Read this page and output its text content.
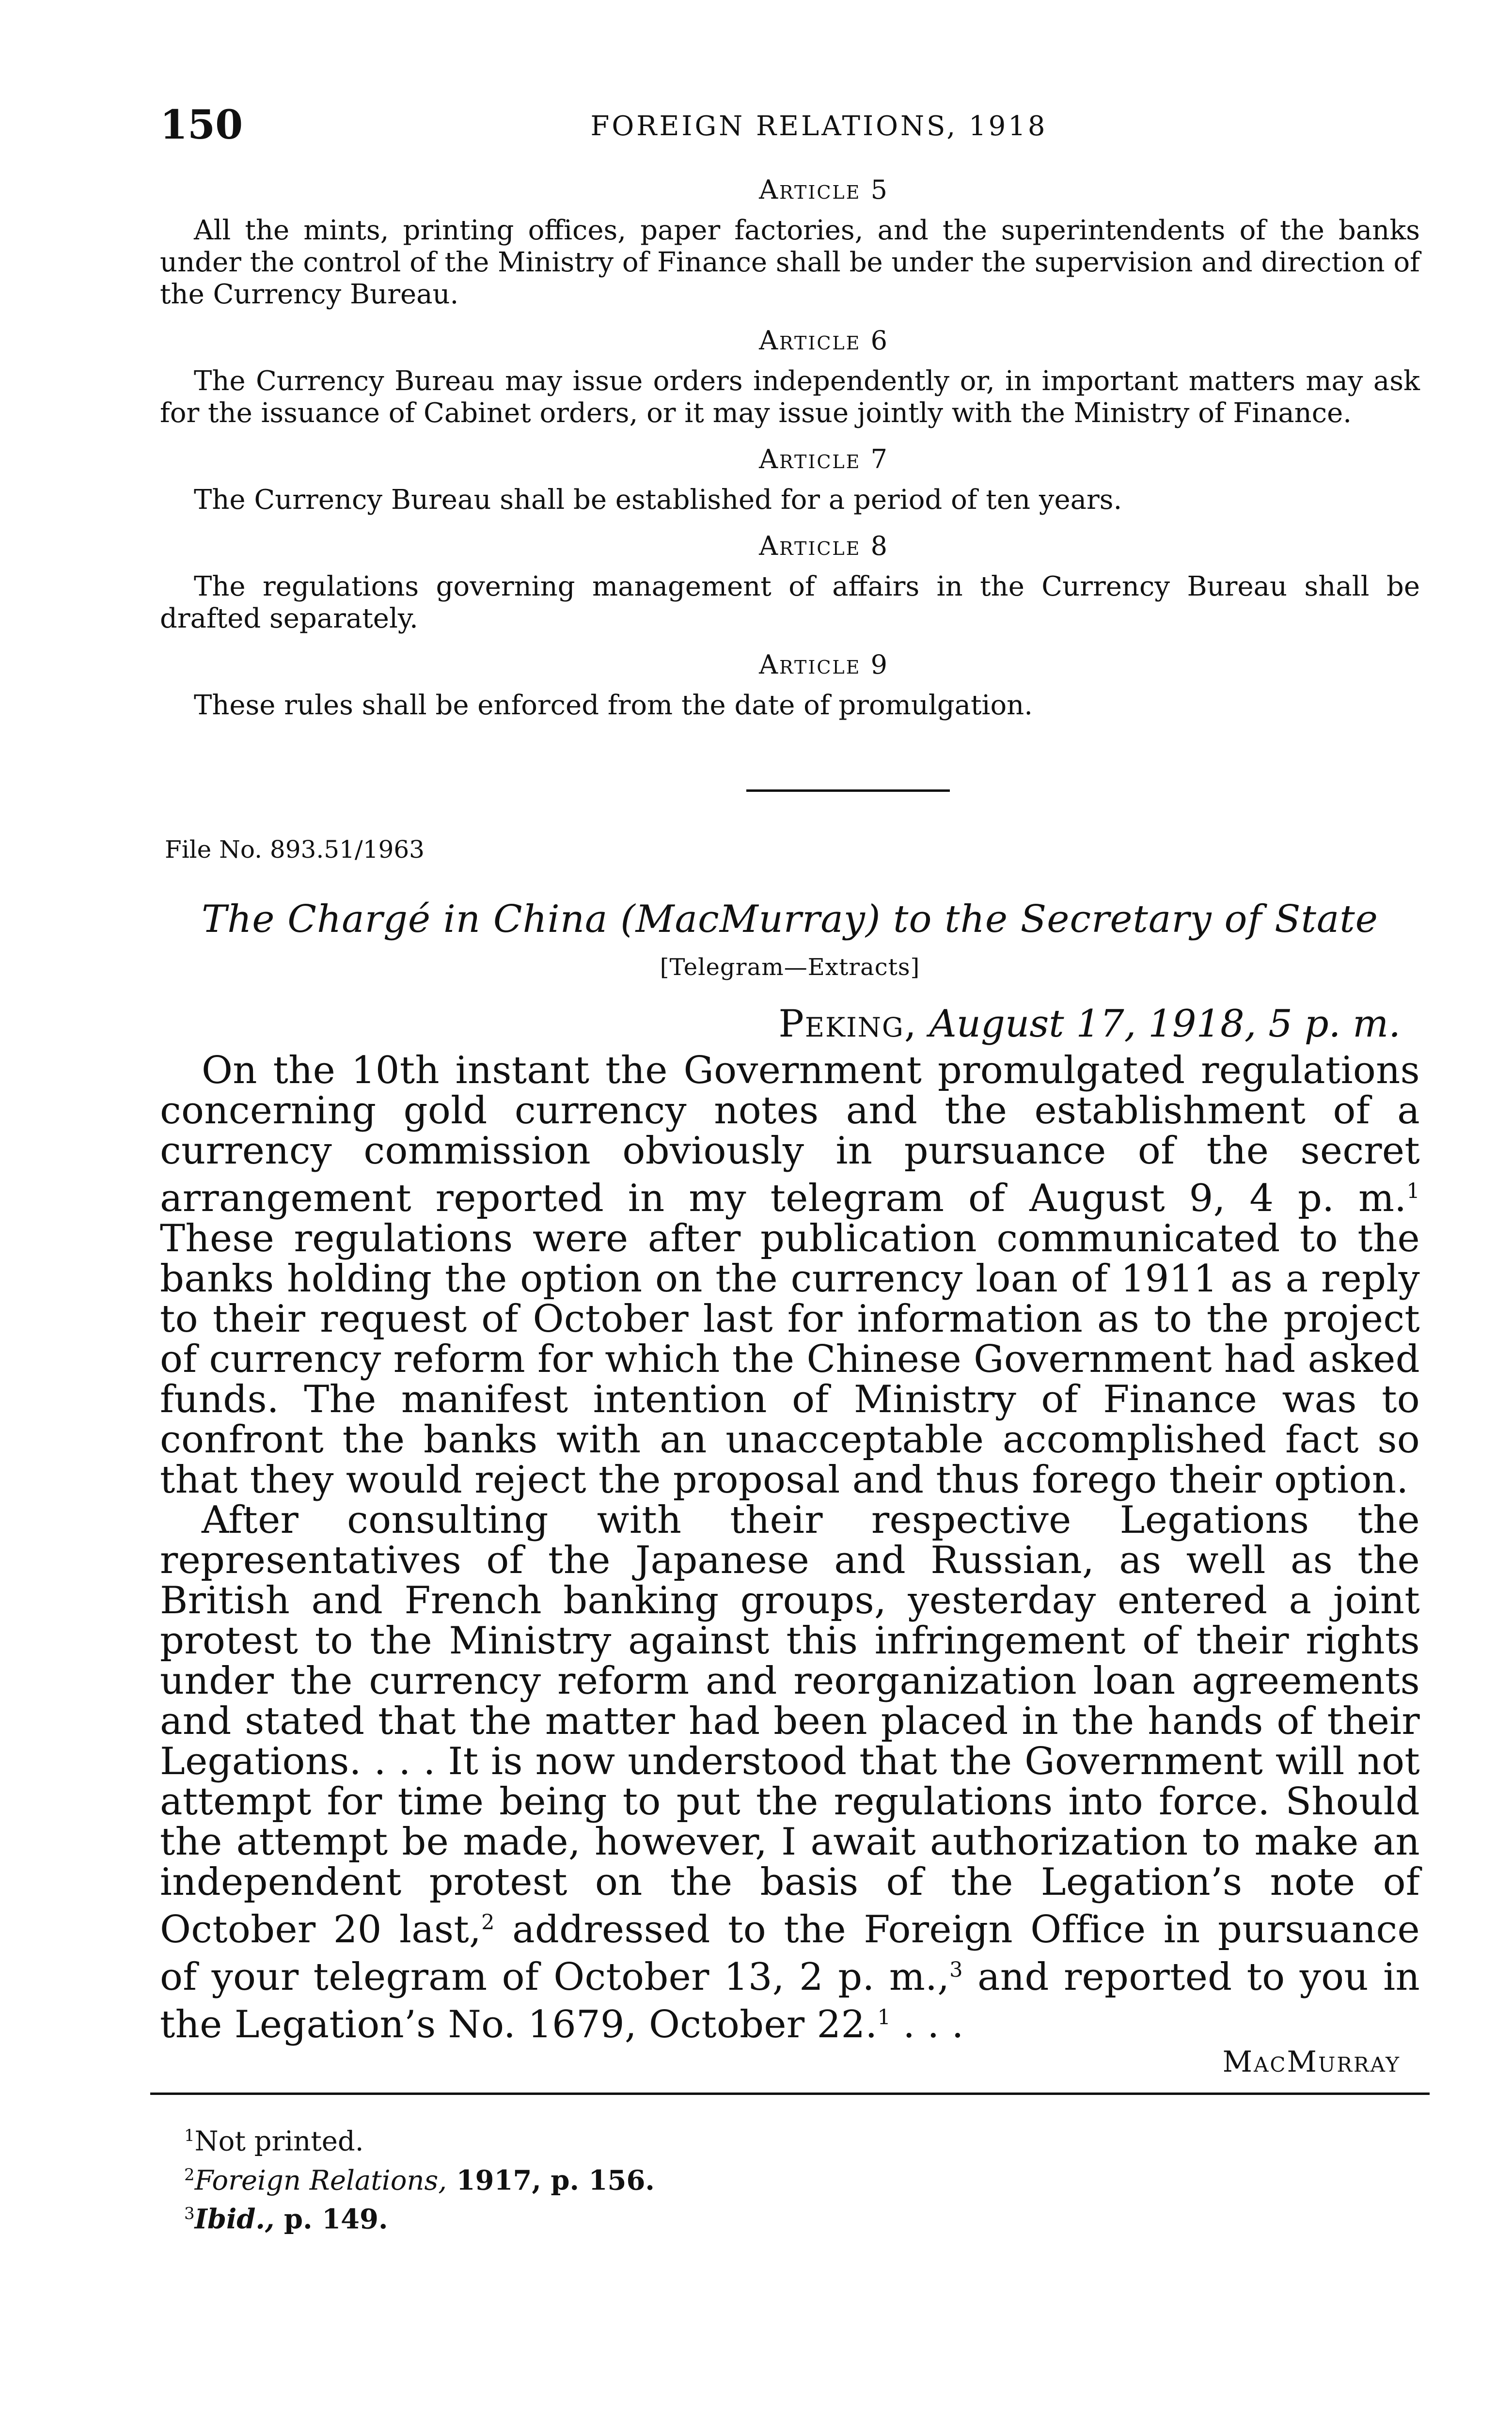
150	FOREIGN RELATIONS, 1918
Article 5

All the mints, printing offices, paper factories, and the superintendents of the banks under the control of the Ministry of Finance shall be under the supervision and direction of the Currency Bureau.

Article 6

The Currency Bureau may issue orders independently or, in important matters may ask for the issuance of Cabinet orders, or it may issue jointly with the Ministry of Finance.

Article 7

The Currency Bureau shall be established for a period of ten years.

Article 8

The regulations governing management of affairs in the Currency Bureau shall be drafted separately.

Article 9

These rules shall be enforced from the date of promulgation.

File No. 893.51/1963
The Chargé in China (MacMurray) to the Secretary of State
[Telegram—Extracts]
Peking, August 17, 1918, 5 p. m.

On the 10th instant the Government promulgated regulations concerning gold currency notes and the establishment of a currency commission obviously in pursuance of the secret arrangement reported in my telegram of August 9, 4 p. m.$^1$ These regulations were after publication communicated to the banks holding the option on the currency loan of 1911 as a reply to their request of October last for information as to the project of currency reform for which the Chinese Government had asked funds. The manifest intention of Ministry of Finance was to confront the banks with an unacceptable accomplished fact so that they would reject the proposal and thus forego their option.

After consulting with their respective Legations the representatives of the Japanese and Russian, as well as the British and French banking groups, yesterday entered a joint protest to the Ministry against this infringement of their rights under the currency reform and reorganization loan agreements and stated that the matter had been placed in the hands of their Legations. . . . It is now understood that the Government will not attempt for time being to put the regulations into force. Should the attempt be made, however, I await authorization to make an independent protest on the basis of the Legation’s note of October 20 last,$^2$ addressed to the Foreign Office in pursuance of your telegram of October 13, 2 p. m.,$^3$ and reported to you in the Legation’s No. 1679, October 22.$^1$ . . .

MacMurray
$^1$Not printed.
$^2$Foreign Relations, 1917, p. 156.
$^3$Ibid., p. 149.
